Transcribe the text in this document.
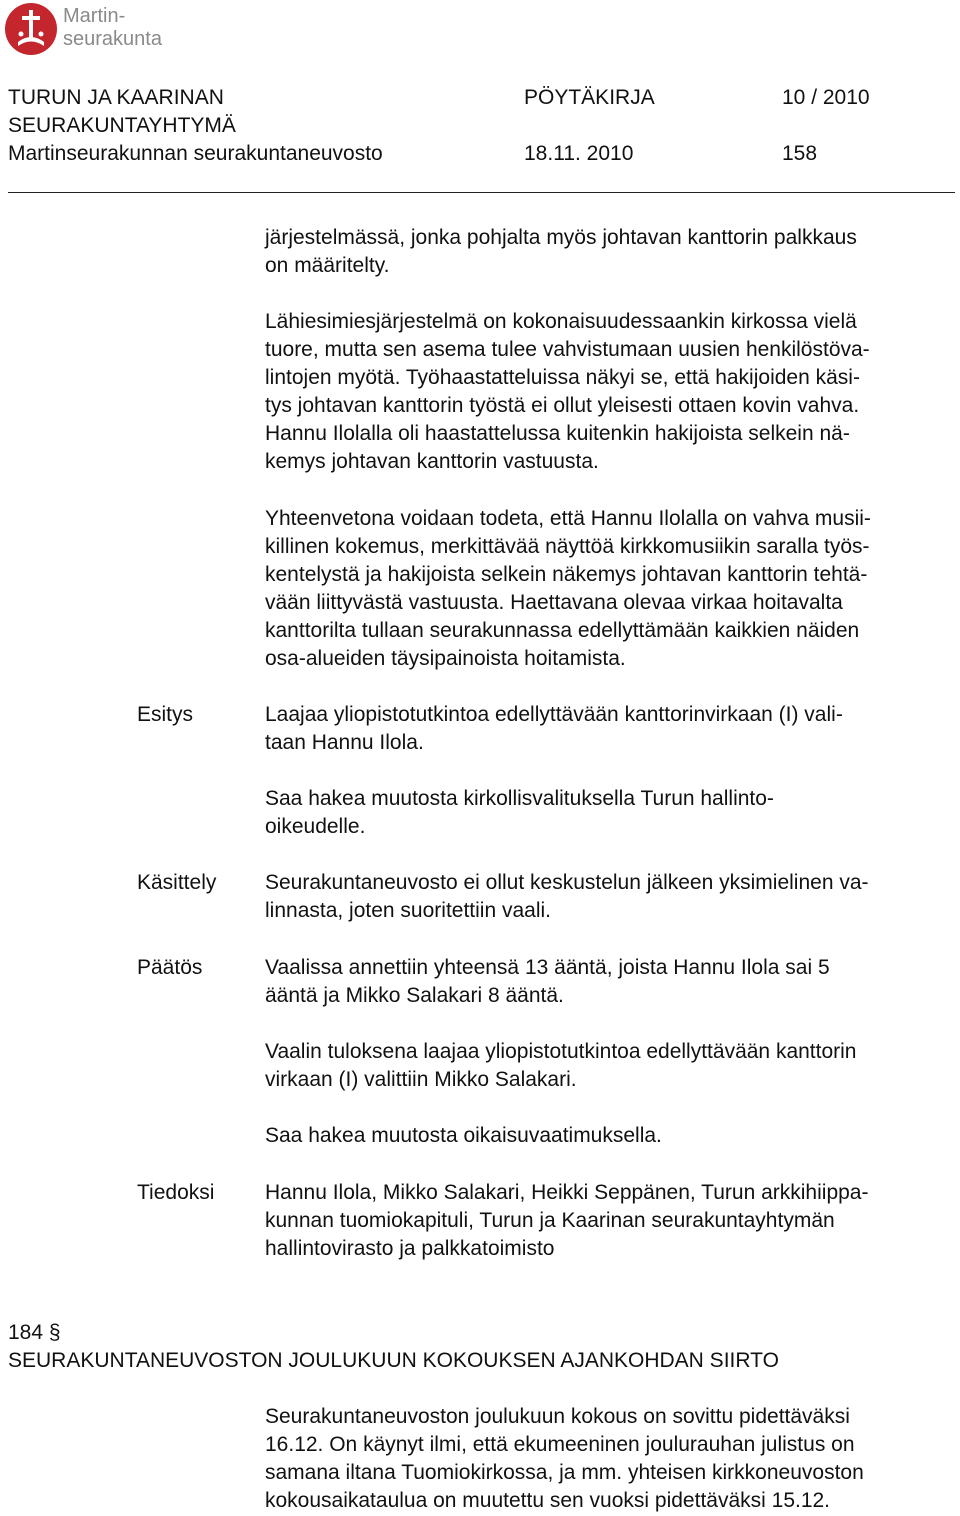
Martin-
seurakunta
TURUN JA KAARINAN
SEURAKUNTAYHTYMÄ
Martinseurakunnan seurakuntaneuvosto
PÖYTÄKIRJA	10 / 2010
18.11. 2010	158
järjestelmässä, jonka pohjalta myös johtavan kanttorin palkkaus
on määritelty.
Lähiesimiesjärjestelmä on kokonaisuudessaankin kirkossa vielä
tuore, mutta sen asema tulee vahvistumaan uusien henkilöstöva-
lintojen myötä. Työhaastatteluissa näkyi se, että hakijoiden käsi-
tys johtavan kanttorin työstä ei ollut yleisesti ottaen kovin vahva.
Hannu Ilolalla oli haastattelussa kuitenkin hakijoista selkein nä-
kemys johtavan kanttorin vastuusta.
Yhteenvetona voidaan todeta, että Hannu Ilolalla on vahva musii-
killinen kokemus, merkittävää näyttöä kirkkomusiikin saralla työs-
kentelystä ja hakijoista selkein näkemys johtavan kanttorin tehtä-
vään liittyvästä vastuusta. Haettavana olevaa virkaa hoitavalta
kanttorilta tullaan seurakunnassa edellyttämään kaikkien näiden
osa-alueiden täysipainoista hoitamista.
Esitys	Laajaa yliopistotutkintoa edellyttävään kanttorinvirkaan (I) vali-
taan Hannu Ilola.
Saa hakea muutosta kirkollisvalituksella Turun hallinto-
oikeudelle.
Käsittely Seurakuntaneuvosto ei ollut keskustelun jälkeen yksimielinen va-
linnasta, joten suoritettiin vaali.
Päätös	Vaalissa annettiin yhteensä 13 ääntä, joista Hannu Ilola sai 5
ääntä ja Mikko Salakari 8 ääntä.
Vaalin tuloksena laajaa yliopistotutkintoa edellyttävään kanttorin
virkaan (I) valittiin Mikko Salakari.
Saa hakea muutosta oikaisuvaatimuksella.
Tiedoksi Hannu Ilola, Mikko Salakari, Heikki Seppänen, Turun arkkihiippa-
kunnan tuomiokapituli, Turun ja Kaarinan seurakuntayhtymän
hallintovirasto ja palkkatoimisto
184 §
SEURAKUNTANEUVOSTON JOULUKUUN KOKOUKSEN AJANKOHDAN SIIRTO
Seurakuntaneuvoston joulukuun kokous on sovittu pidettäväksi
16.12. On käynyt ilmi, että ekumeeninen joulurauhan julistus on
samana iltana Tuomiokirkossa, ja mm. yhteisen kirkkoneuvoston
kokousaikataulua on muutettu sen vuoksi pidettäväksi 15.12.
